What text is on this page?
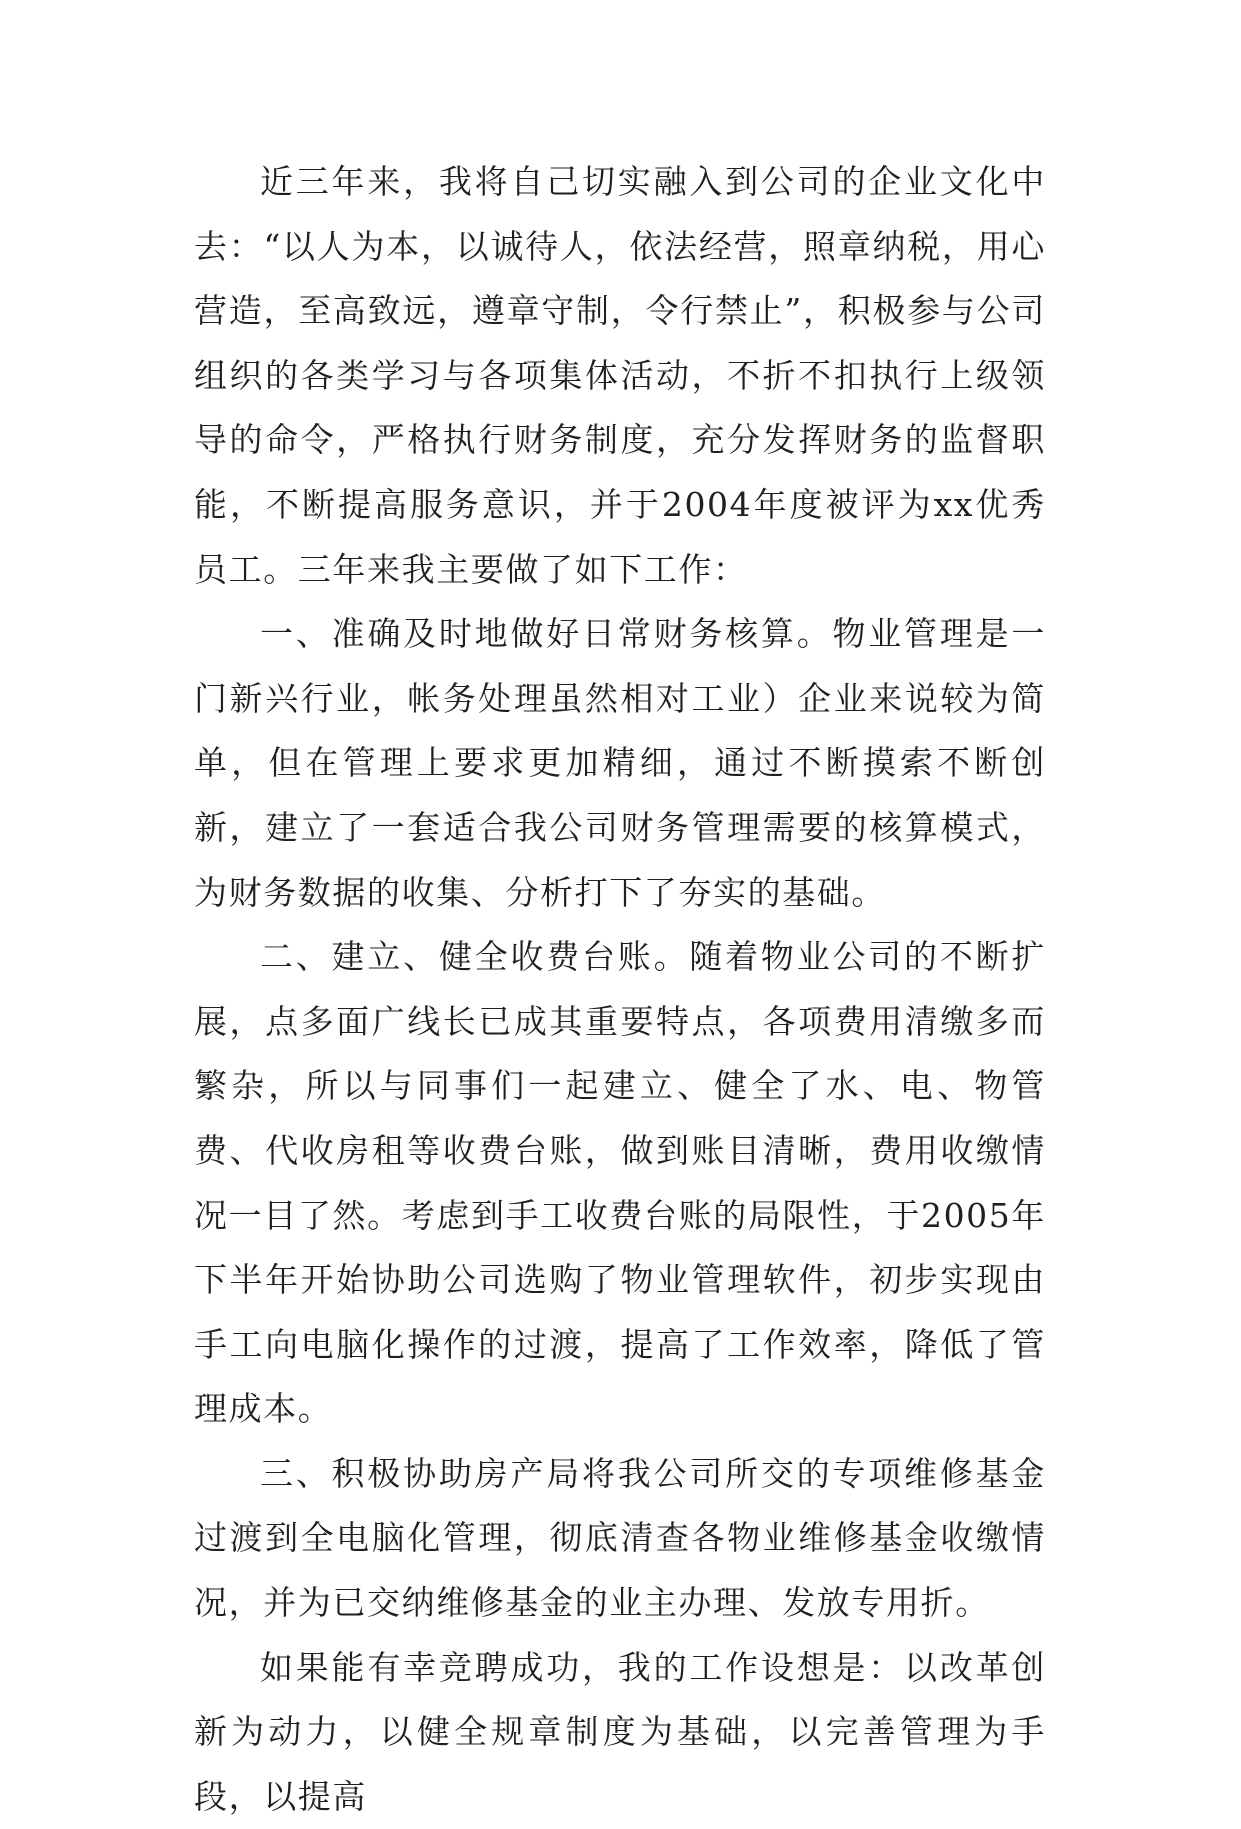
近三年来，我将自己切实融入到公司的企业文化中去：“以人为本，以诚待人，依法经营，照章纳税，用心营造，至高致远，遵章守制，令行禁止”，积极参与公司组织的各类学习与各项集体活动，不折不扣执行上级领导的命令，严格执行财务制度，充分发挥财务的监督职能，不断提高服务意识，并于2004年度被评为xx优秀员工。三年来我主要做了如下工作：

一、准确及时地做好日常财务核算。物业管理是一门新兴行业，帐务处理虽然相对工业）企业来说较为简单，但在管理上要求更加精细，通过不断摸索不断创新，建立了一套适合我公司财务管理需要的核算模式，为财务数据的收集、分析打下了夯实的基础。

二、建立、健全收费台账。随着物业公司的不断扩展，点多面广线长已成其重要特点，各项费用清缴多而繁杂，所以与同事们一起建立、健全了水、电、物管费、代收房租等收费台账，做到账目清晰，费用收缴情况一目了然。考虑到手工收费台账的局限性，于2005年下半年开始协助公司选购了物业管理软件，初步实现由手工向电脑化操作的过渡，提高了工作效率，降低了管理成本。

三、积极协助房产局将我公司所交的专项维修基金过渡到全电脑化管理，彻底清查各物业维修基金收缴情况，并为已交纳维修基金的业主办理、发放专用折。

如果能有幸竞聘成功，我的工作设想是：以改革创新为动力，以健全规章制度为基础，以完善管理为手段，以提高
